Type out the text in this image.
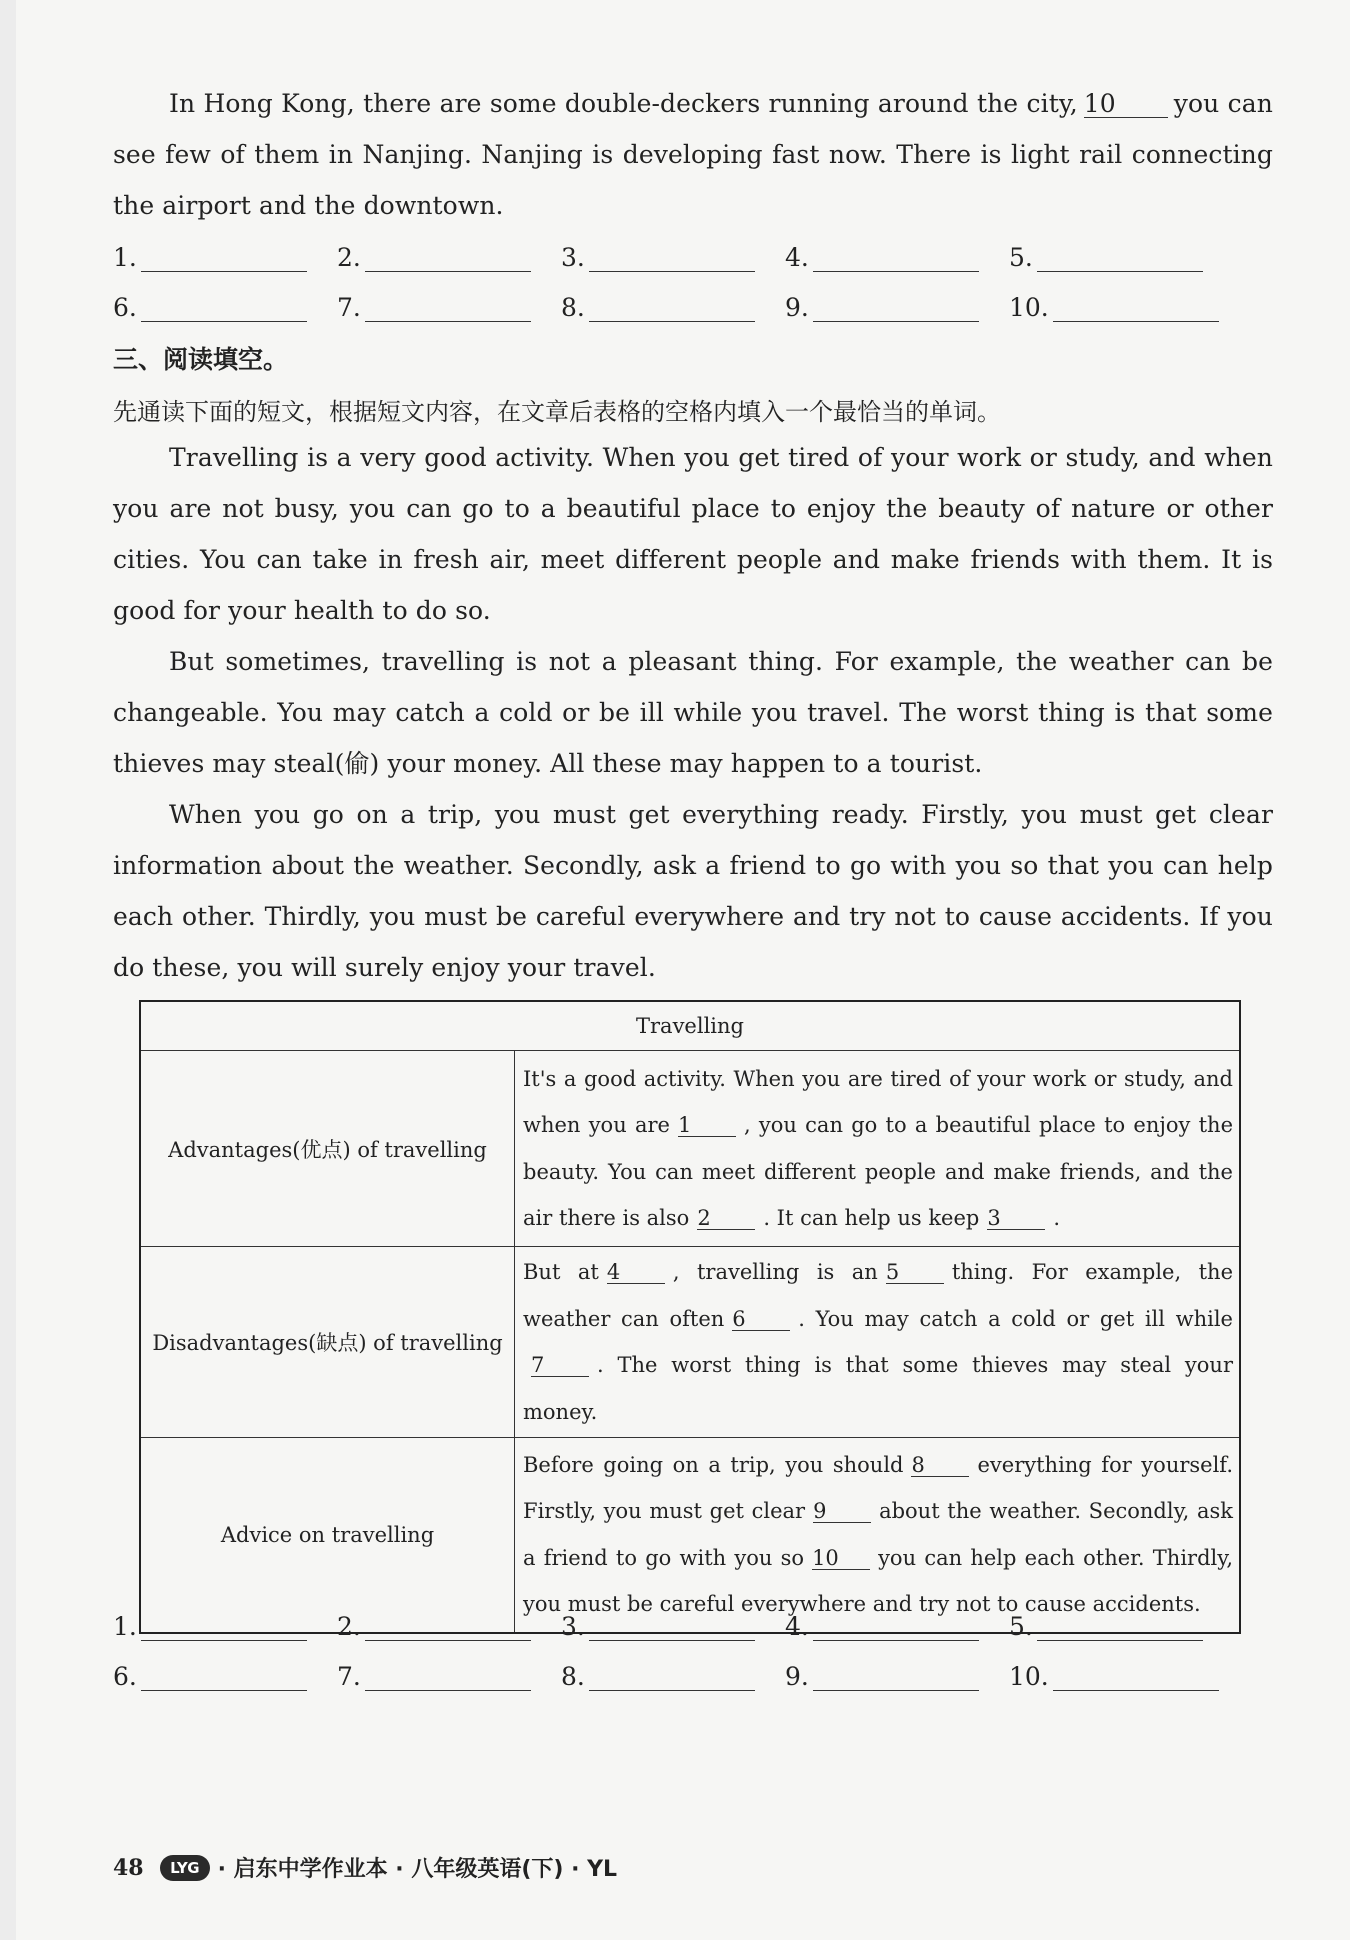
In Hong Kong, there are some double-deckers running around the city, 10 you can see few of them in Nanjing. Nanjing is developing fast now. There is light rail connecting the airport and the downtown.

1.	2.	3.	4.	5.
6.	7.	8.	9.	10.
三、阅读填空。
先通读下面的短文，根据短文内容，在文章后表格的空格内填入一个最恰当的单词。

Travelling is a very good activity. When you get tired of your work or study, and when you are not busy, you can go to a beautiful place to enjoy the beauty of nature or other cities. You can take in fresh air, meet different people and make friends with them. It is good for your health to do so.

But sometimes, travelling is not a pleasant thing. For example, the weather can be changeable. You may catch a cold or be ill while you travel. The worst thing is that some thieves may steal(偷) your money. All these may happen to a tourist.

When you go on a trip, you must get everything ready. Firstly, you must get clear information about the weather. Secondly, ask a friend to go with you so that you can help each other. Thirdly, you must be careful everywhere and try not to cause accidents. If you do these, you will surely enjoy your travel.

Travelling	
Advantages(优点) of travelling	It's a good activity. When you are tired of your work or study, and when you are 1 , you can go to a beautiful place to enjoy the beauty. You can meet different people and make friends, and the air there is also 2 . It can help us keep 3 .
Disadvantages(缺点) of travelling	But at 4 , travelling is an 5 thing. For example, the weather can often 6 . You may catch a cold or get ill while7 . The worst thing is that some thieves may steal your money.
Advice on travelling	Before going on a trip, you should 8 everything for yourself. Firstly, you must get clear 9 about the weather. Secondly, ask a friend to go with you so 10 you can help each other. Thirdly, you must be careful everywhere and try not to cause accidents.
1.	2.	3.	4.	5.
6.	7.	8.	9.	10.
48	LYG · 启东中学作业本 · 八年级英语(下) · YL
